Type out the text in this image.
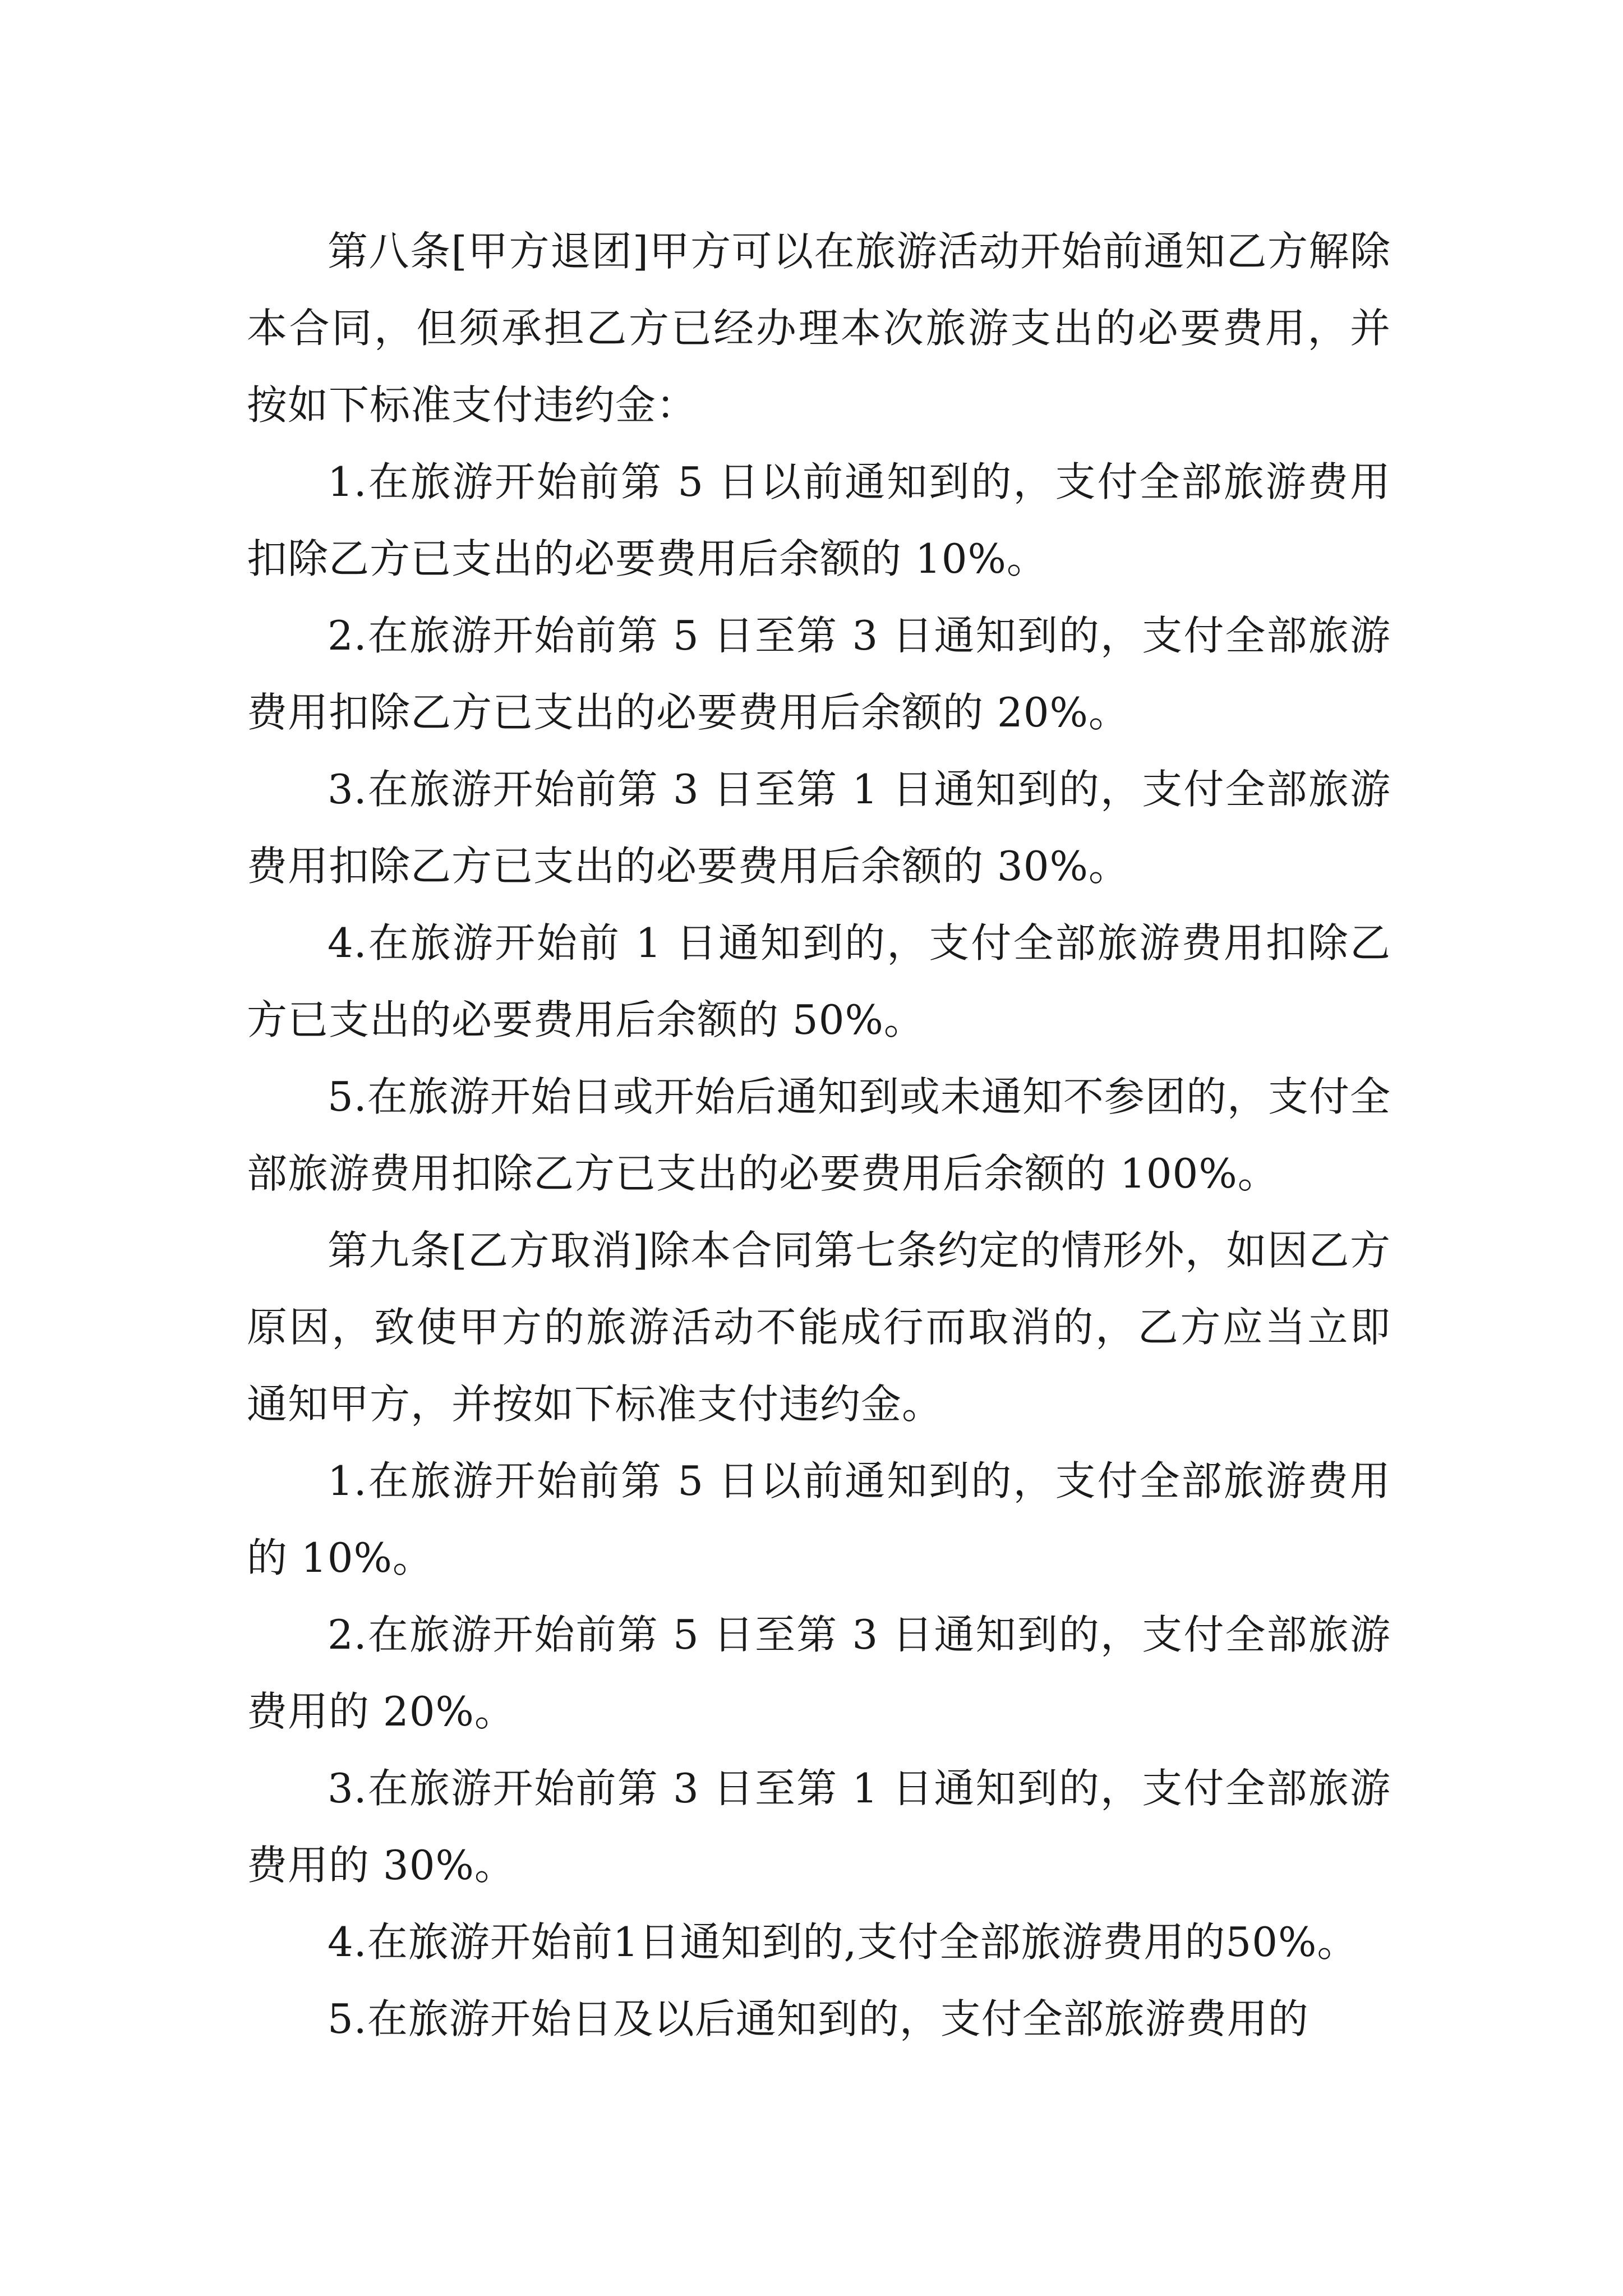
第八条[甲方退团]甲方可以在旅游活动开始前通知乙方解除本合同，但须承担乙方已经办理本次旅游支出的必要费用，并按如下标准支付违约金：

1.在旅游开始前第 5 日以前通知到的，支付全部旅游费用扣除乙方已支出的必要费用后余额的 10%。

2.在旅游开始前第 5 日至第 3 日通知到的，支付全部旅游费用扣除乙方已支出的必要费用后余额的 20%。

3.在旅游开始前第 3 日至第 1 日通知到的，支付全部旅游费用扣除乙方已支出的必要费用后余额的 30%。

4.在旅游开始前 1 日通知到的，支付全部旅游费用扣除乙方已支出的必要费用后余额的 50%。

5.在旅游开始日或开始后通知到或未通知不参团的，支付全部旅游费用扣除乙方已支出的必要费用后余额的 100%。

第九条[乙方取消]除本合同第七条约定的情形外，如因乙方原因，致使甲方的旅游活动不能成行而取消的，乙方应当立即通知甲方，并按如下标准支付违约金。

1.在旅游开始前第 5 日以前通知到的，支付全部旅游费用的 10%。

2.在旅游开始前第 5 日至第 3 日通知到的，支付全部旅游费用的 20%。

3.在旅游开始前第 3 日至第 1 日通知到的，支付全部旅游费用的 30%。

4.在旅游开始前1日通知到的,支付全部旅游费用的50%。

5.在旅游开始日及以后通知到的，支付全部旅游费用的
